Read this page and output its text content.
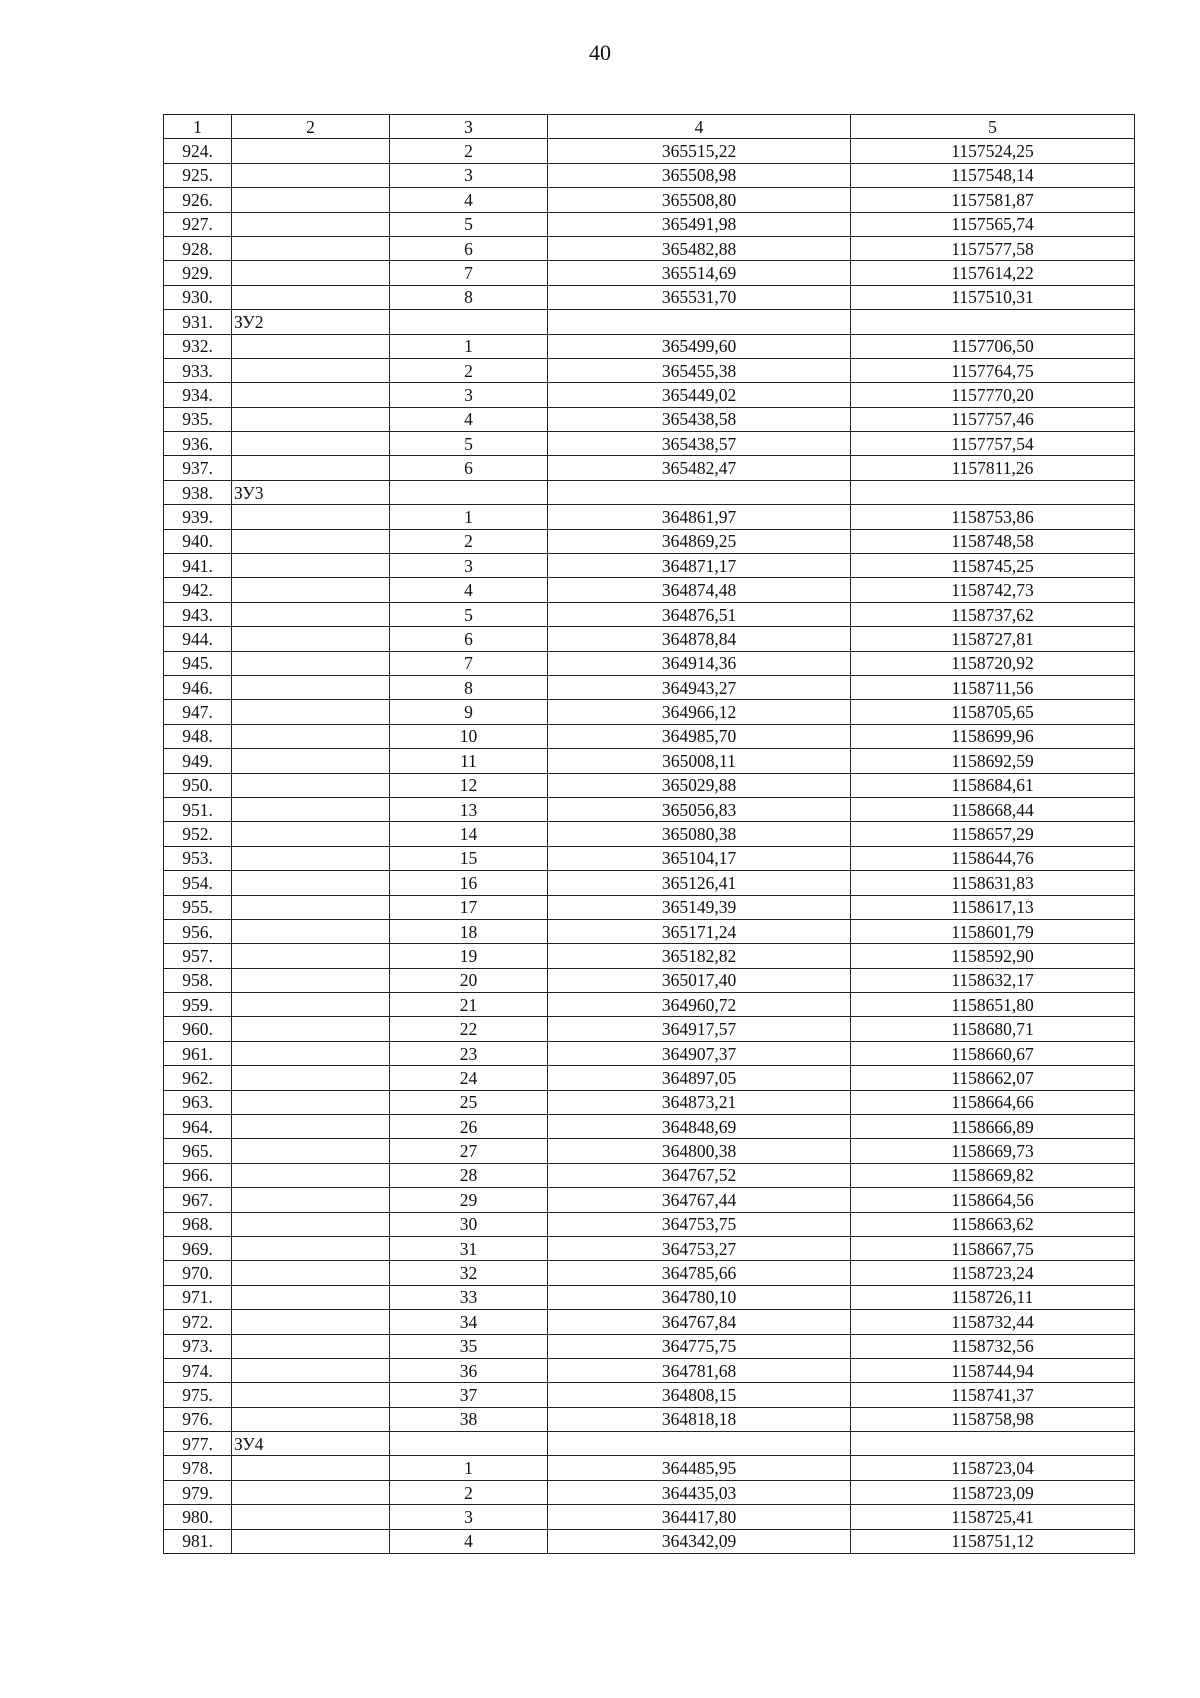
40
1	2	3	4	5
924.		2	365515,22	1157524,25
925.		3	365508,98	1157548,14
926.		4	365508,80	1157581,87
927.		5	365491,98	1157565,74
928.		6	365482,88	1157577,58
929.		7	365514,69	1157614,22
930.		8	365531,70	1157510,31
931.	ЗУ2			
932.		1	365499,60	1157706,50
933.		2	365455,38	1157764,75
934.		3	365449,02	1157770,20
935.		4	365438,58	1157757,46
936.		5	365438,57	1157757,54
937.		6	365482,47	1157811,26
938.	ЗУ3			
939.		1	364861,97	1158753,86
940.		2	364869,25	1158748,58
941.		3	364871,17	1158745,25
942.		4	364874,48	1158742,73
943.		5	364876,51	1158737,62
944.		6	364878,84	1158727,81
945.		7	364914,36	1158720,92
946.		8	364943,27	1158711,56
947.		9	364966,12	1158705,65
948.		10	364985,70	1158699,96
949.		11	365008,11	1158692,59
950.		12	365029,88	1158684,61
951.		13	365056,83	1158668,44
952.		14	365080,38	1158657,29
953.		15	365104,17	1158644,76
954.		16	365126,41	1158631,83
955.		17	365149,39	1158617,13
956.		18	365171,24	1158601,79
957.		19	365182,82	1158592,90
958.		20	365017,40	1158632,17
959.		21	364960,72	1158651,80
960.		22	364917,57	1158680,71
961.		23	364907,37	1158660,67
962.		24	364897,05	1158662,07
963.		25	364873,21	1158664,66
964.		26	364848,69	1158666,89
965.		27	364800,38	1158669,73
966.		28	364767,52	1158669,82
967.		29	364767,44	1158664,56
968.		30	364753,75	1158663,62
969.		31	364753,27	1158667,75
970.		32	364785,66	1158723,24
971.		33	364780,10	1158726,11
972.		34	364767,84	1158732,44
973.		35	364775,75	1158732,56
974.		36	364781,68	1158744,94
975.		37	364808,15	1158741,37
976.		38	364818,18	1158758,98
977.	ЗУ4			
978.		1	364485,95	1158723,04
979.		2	364435,03	1158723,09
980.		3	364417,80	1158725,41
981.		4	364342,09	1158751,12
